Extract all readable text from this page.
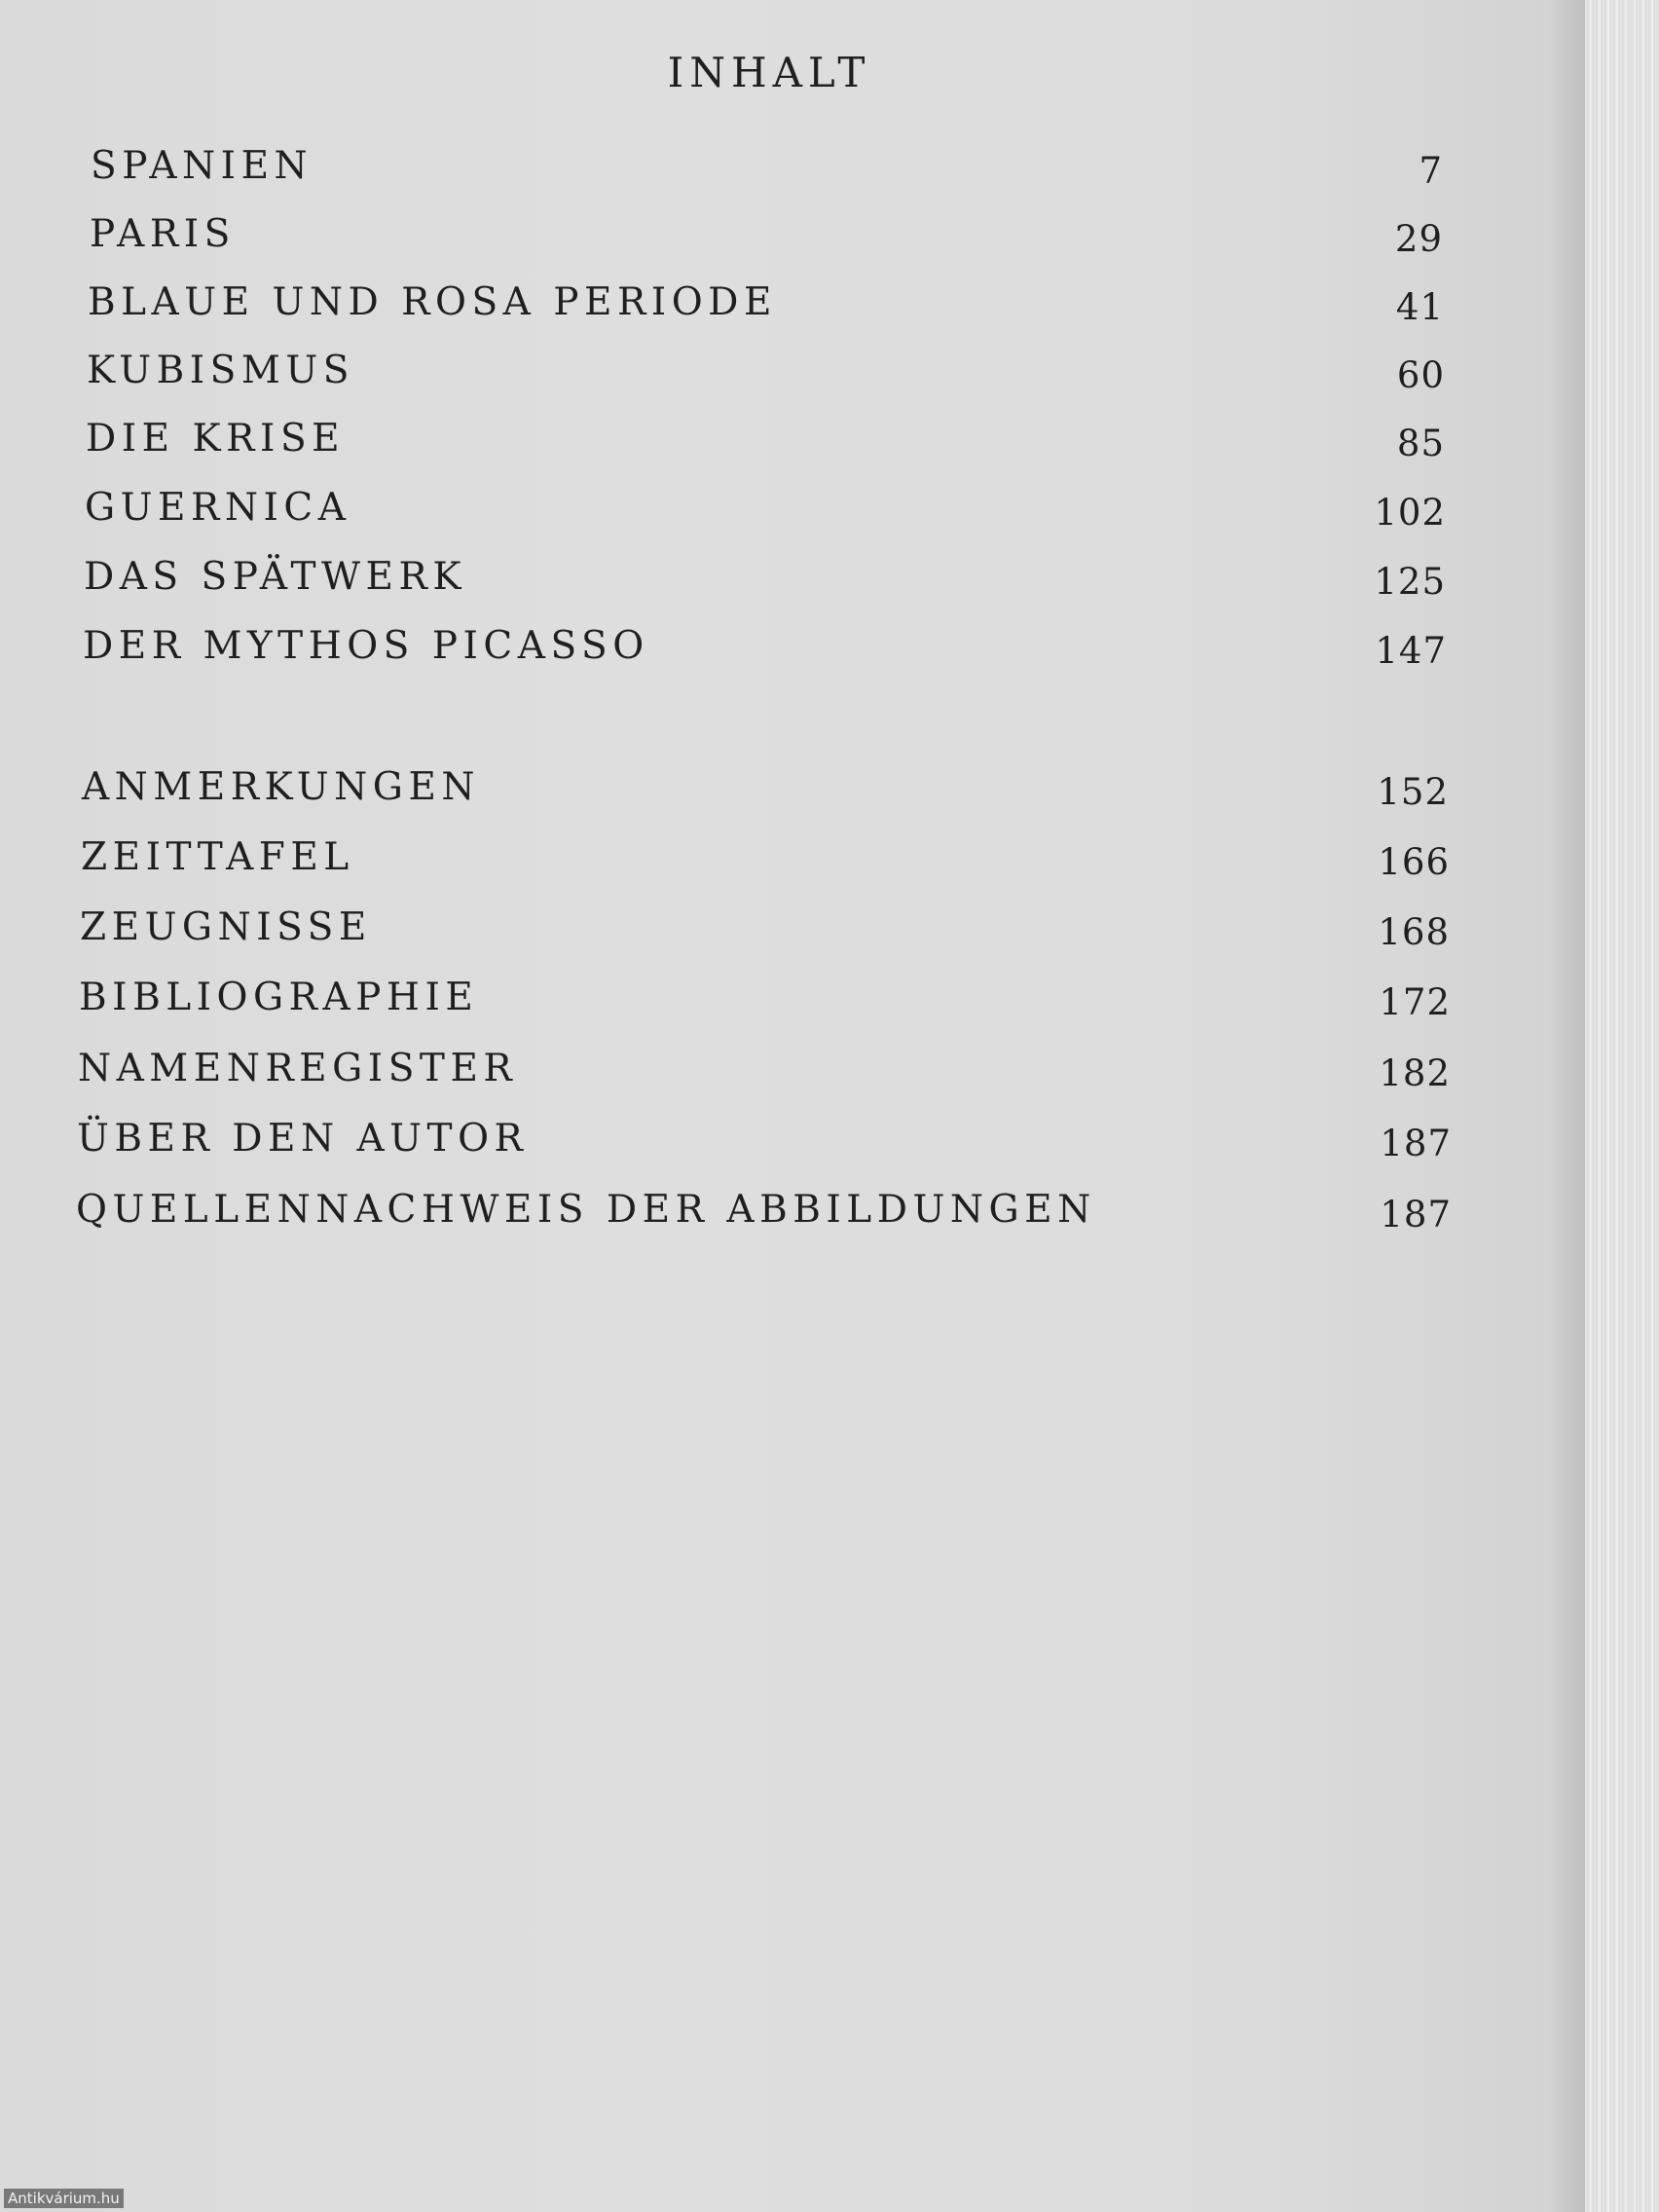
INHALT
SPANIEN	7
PARIS	29
BLAUE UND ROSA PERIODE	41
KUBISMUS	60
DIE KRISE	85
GUERNICA	102
DAS SPÄTWERK	125
DER MYTHOS PICASSO	147
ANMERKUNGEN	152
ZEITTAFEL	166
ZEUGNISSE	168
BIBLIOGRAPHIE	172
NAMENREGISTER	182
ÜBER DEN AUTOR	187
QUELLENNACHWEIS DER ABBILDUNGEN	187
Antikvárium.hu
